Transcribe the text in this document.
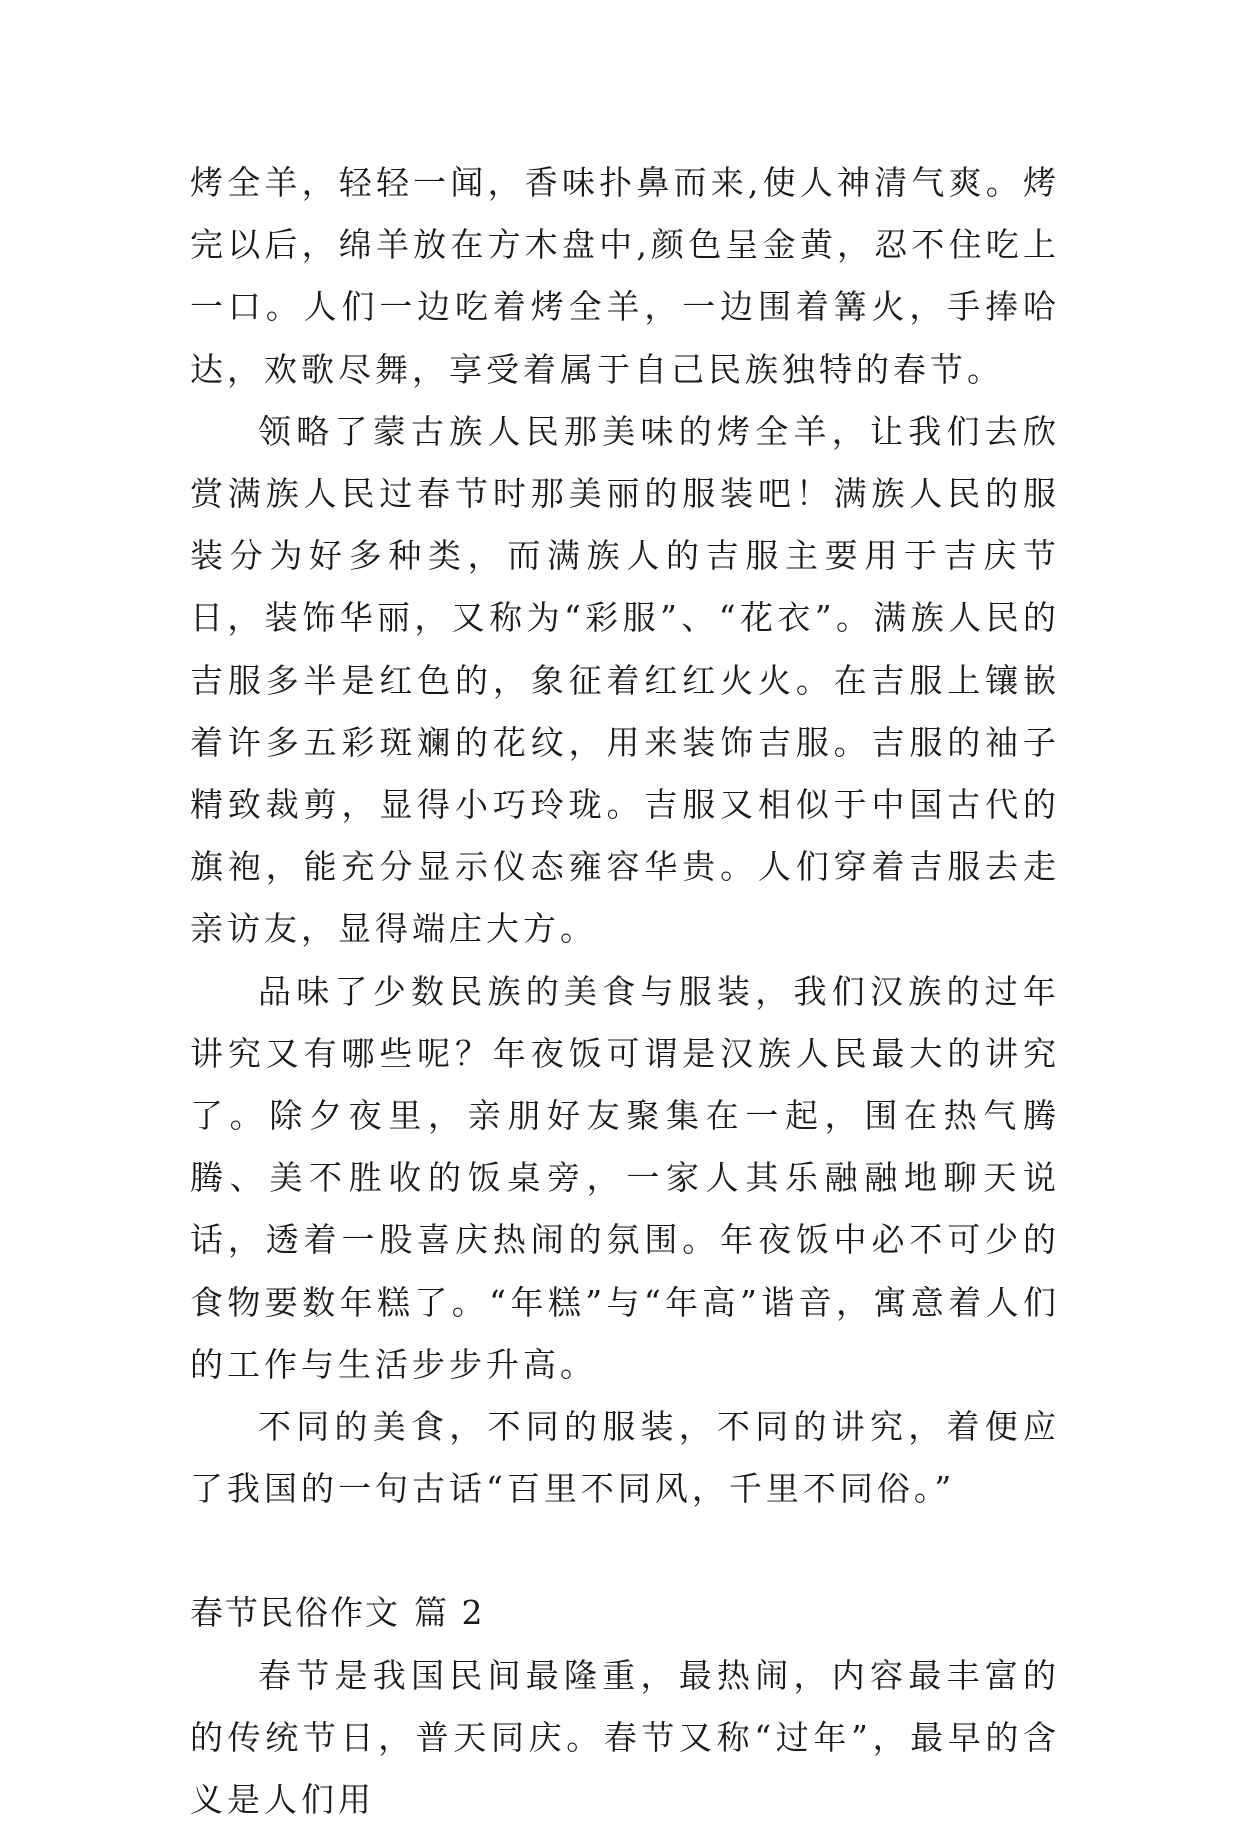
烤全羊，轻轻一闻，香味扑鼻而来,使人神清气爽。烤完以后，绵羊放在方木盘中,颜色呈金黄，忍不住吃上一口。人们一边吃着烤全羊，一边围着篝火，手捧哈达，欢歌尽舞，享受着属于自己民族独特的春节。

领略了蒙古族人民那美味的烤全羊，让我们去欣赏满族人民过春节时那美丽的服装吧！满族人民的服装分为好多种类，而满族人的吉服主要用于吉庆节日，装饰华丽，又称为“彩服”、“花衣”。满族人民的吉服多半是红色的，象征着红红火火。在吉服上镶嵌着许多五彩斑斓的花纹，用来装饰吉服。吉服的袖子精致裁剪，显得小巧玲珑。吉服又相似于中国古代的旗袍，能充分显示仪态雍容华贵。人们穿着吉服去走亲访友，显得端庄大方。

品味了少数民族的美食与服装，我们汉族的过年讲究又有哪些呢？年夜饭可谓是汉族人民最大的讲究了。除夕夜里，亲朋好友聚集在一起，围在热气腾腾、美不胜收的饭桌旁，一家人其乐融融地聊天说话，透着一股喜庆热闹的氛围。年夜饭中必不可少的食物要数年糕了。“年糕”与“年高”谐音，寓意着人们的工作与生活步步升高。

不同的美食，不同的服装，不同的讲究，着便应了我国的一句古话“百里不同风，千里不同俗。”

春节民俗作文 篇 2

春节是我国民间最隆重，最热闹，内容最丰富的的传统节日，普天同庆。春节又称“过年”，最早的含义是人们用
